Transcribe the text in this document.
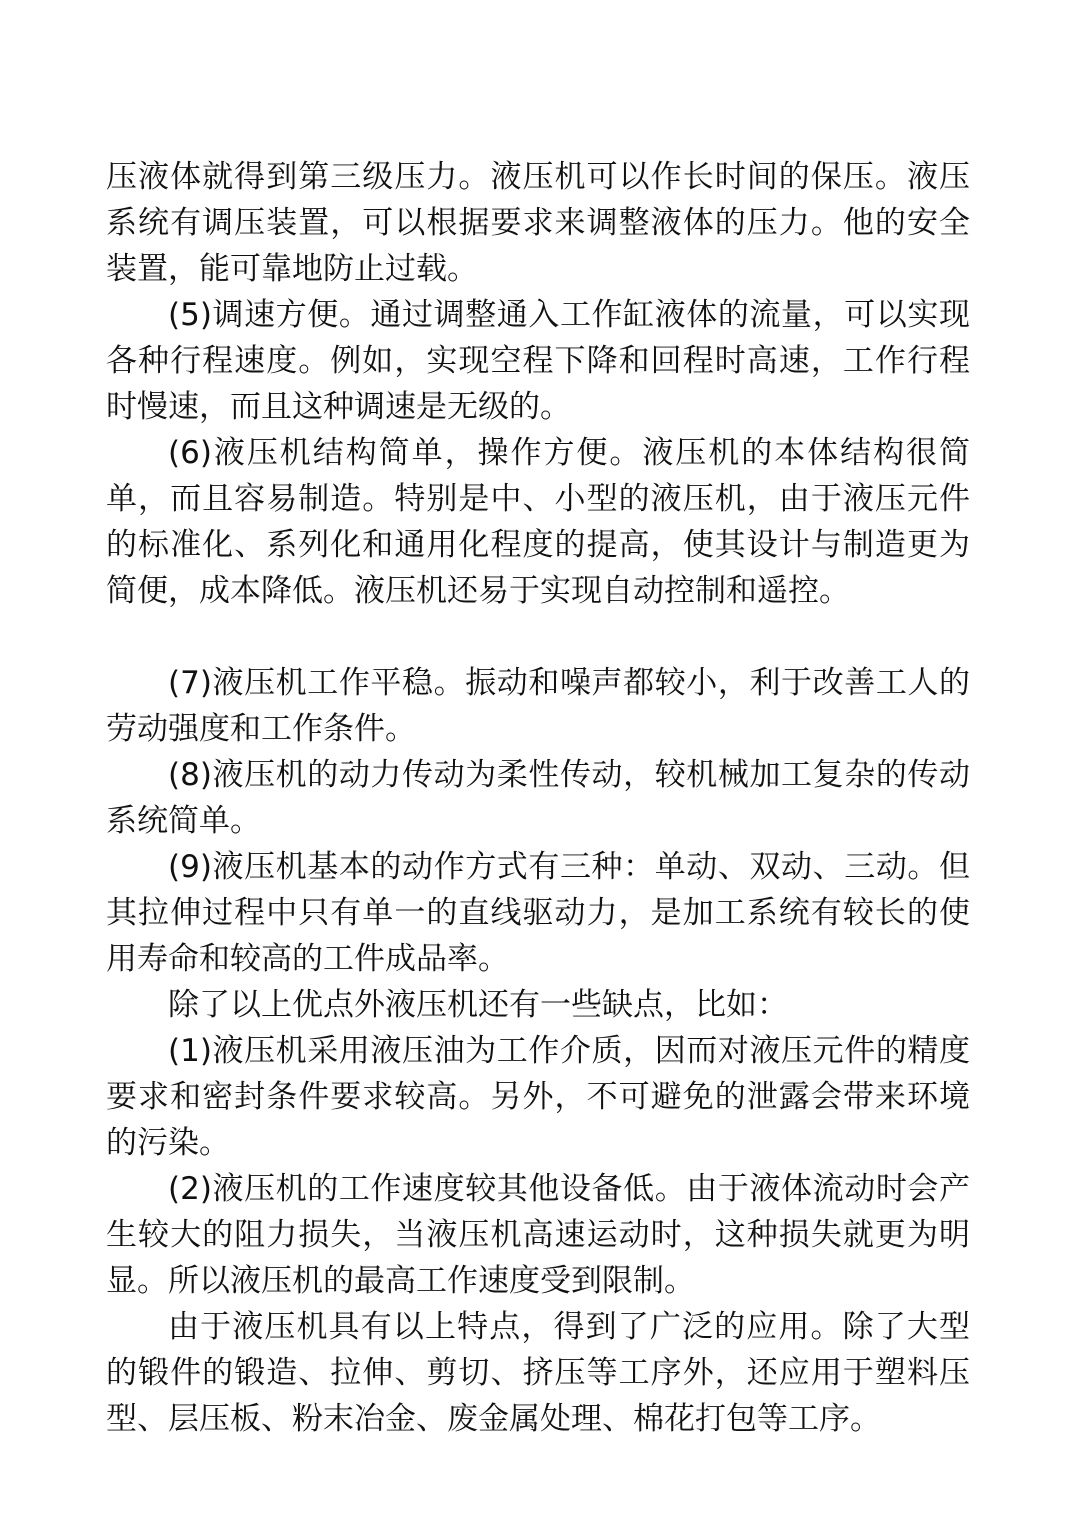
压液体就得到第三级压力。液压机可以作长时间的保压。液压系统有调压装置，可以根据要求来调整液体的压力。他的安全装置，能可靠地防止过载。

(5)调速方便。通过调整通入工作缸液体的流量，可以实现各种行程速度。例如，实现空程下降和回程时高速，工作行程时慢速，而且这种调速是无级的。

(6)液压机结构简单，操作方便。液压机的本体结构很简单，而且容易制造。特别是中、小型的液压机，由于液压元件的标准化、系列化和通用化程度的提高，使其设计与制造更为简便，成本降低。液压机还易于实现自动控制和遥控。

(7)液压机工作平稳。振动和噪声都较小，利于改善工人的劳动强度和工作条件。

(8)液压机的动力传动为柔性传动，较机械加工复杂的传动系统简单。

(9)液压机基本的动作方式有三种：单动、双动、三动。但其拉伸过程中只有单一的直线驱动力，是加工系统有较长的使用寿命和较高的工件成品率。

除了以上优点外液压机还有一些缺点，比如：

(1)液压机采用液压油为工作介质，因而对液压元件的精度要求和密封条件要求较高。另外，不可避免的泄露会带来环境的污染。

(2)液压机的工作速度较其他设备低。由于液体流动时会产生较大的阻力损失，当液压机高速运动时，这种损失就更为明显。所以液压机的最高工作速度受到限制。

由于液压机具有以上特点，得到了广泛的应用。除了大型的锻件的锻造、拉伸、剪切、挤压等工序外，还应用于塑料压型、层压板、粉末冶金、废金属处理、棉花打包等工序。
